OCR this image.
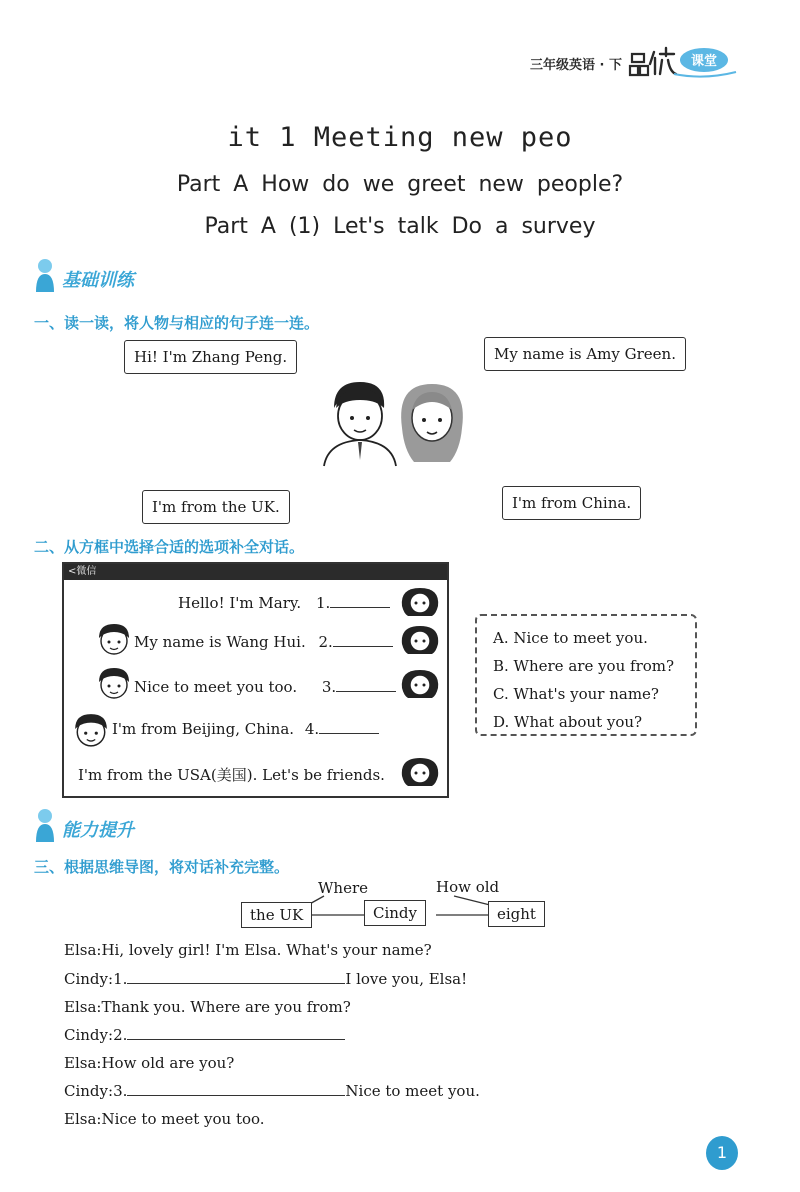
三年级英语 · 下	课堂
it 1 Meeting new peo
Part A How do we greet new people?
Part A (1) Let's talk Do a survey
基础训练
一、读一读，将人物与相应的句子连一连。
Hi! I'm Zhang Peng.	My name is Amy Green.
I'm from the UK.	I'm from China.
二、从方框中选择合适的选项补全对话。
<微信
Hello! I'm Mary. 1.
My name is Wang Hui. 2.
Nice to meet you too. 3.
I'm from Beijing, China. 4.
I'm from the USA(美国). Let's be friends.
A. Nice to meet you.
B. Where are you from?
C. What's your name?
D. What about you?
能力提升
三、根据思维导图，将对话补充完整。
Where	How old
the UK	Cindy	eight
Elsa:Hi, lovely girl! I'm Elsa. What's your name?
Cindy:1.	I love you, Elsa!
Elsa:Thank you. Where are you from?
Cindy:2.
Elsa:How old are you?
Cindy:3.	Nice to meet you.
Elsa:Nice to meet you too.
1
